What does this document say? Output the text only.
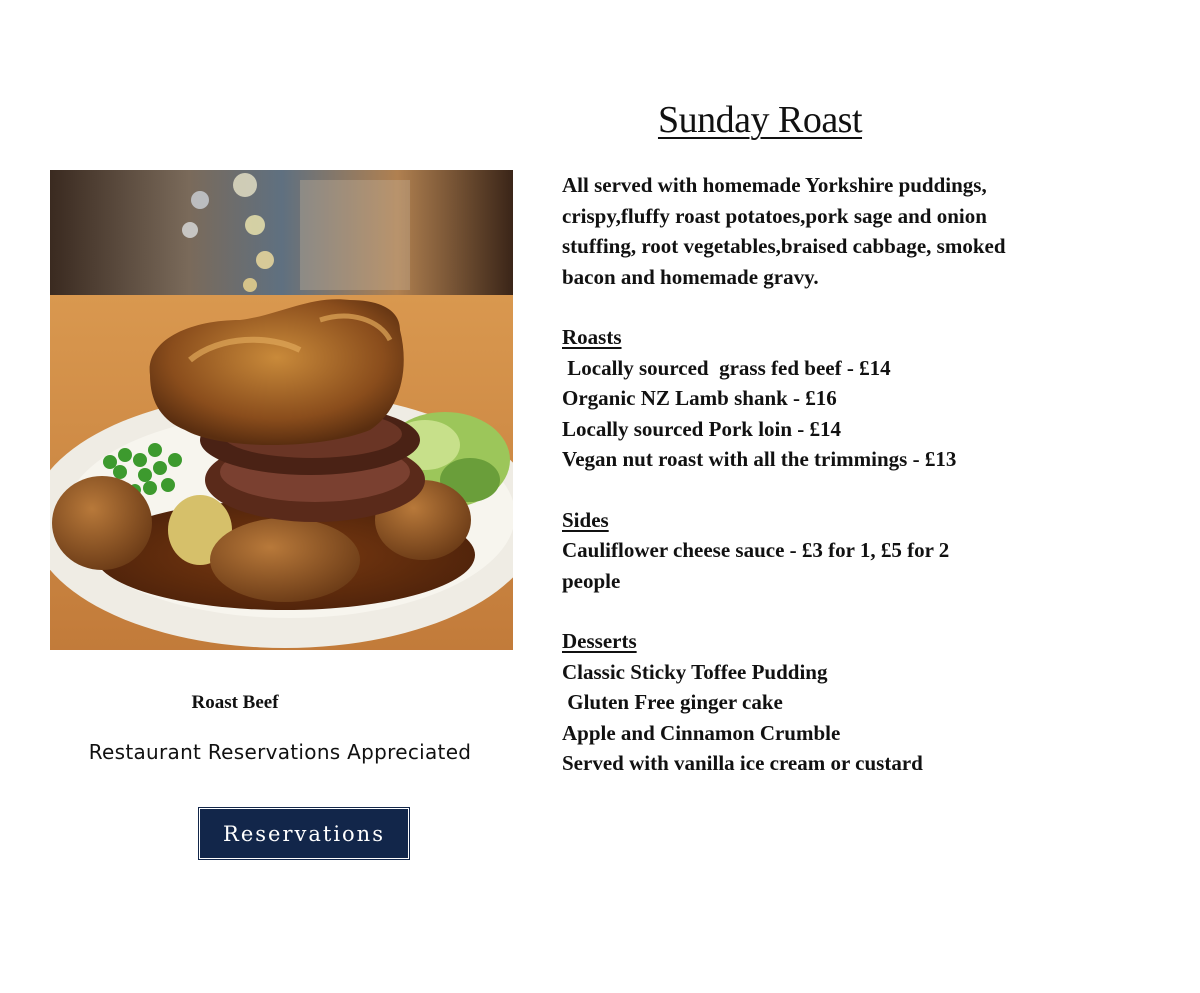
Roast Beef
Restaurant Reservations Appreciated
Reservations
Sunday Roast
All served with homemade Yorkshire puddings, crispy,fluffy roast potatoes,pork sage and onion stuffing, root vegetables,braised cabbage, smoked bacon and homemade gravy.
Roasts
Locally sourced  grass fed beef - £14
Organic NZ Lamb shank - £16
Locally sourced Pork loin - £14
Vegan nut roast with all the trimmings - £13
Sides
Cauliflower cheese sauce - £3 for 1, £5 for 2 people
Desserts
Classic Sticky Toffee Pudding
Gluten Free ginger cake
Apple and Cinnamon Crumble
Served with vanilla ice cream or custard
